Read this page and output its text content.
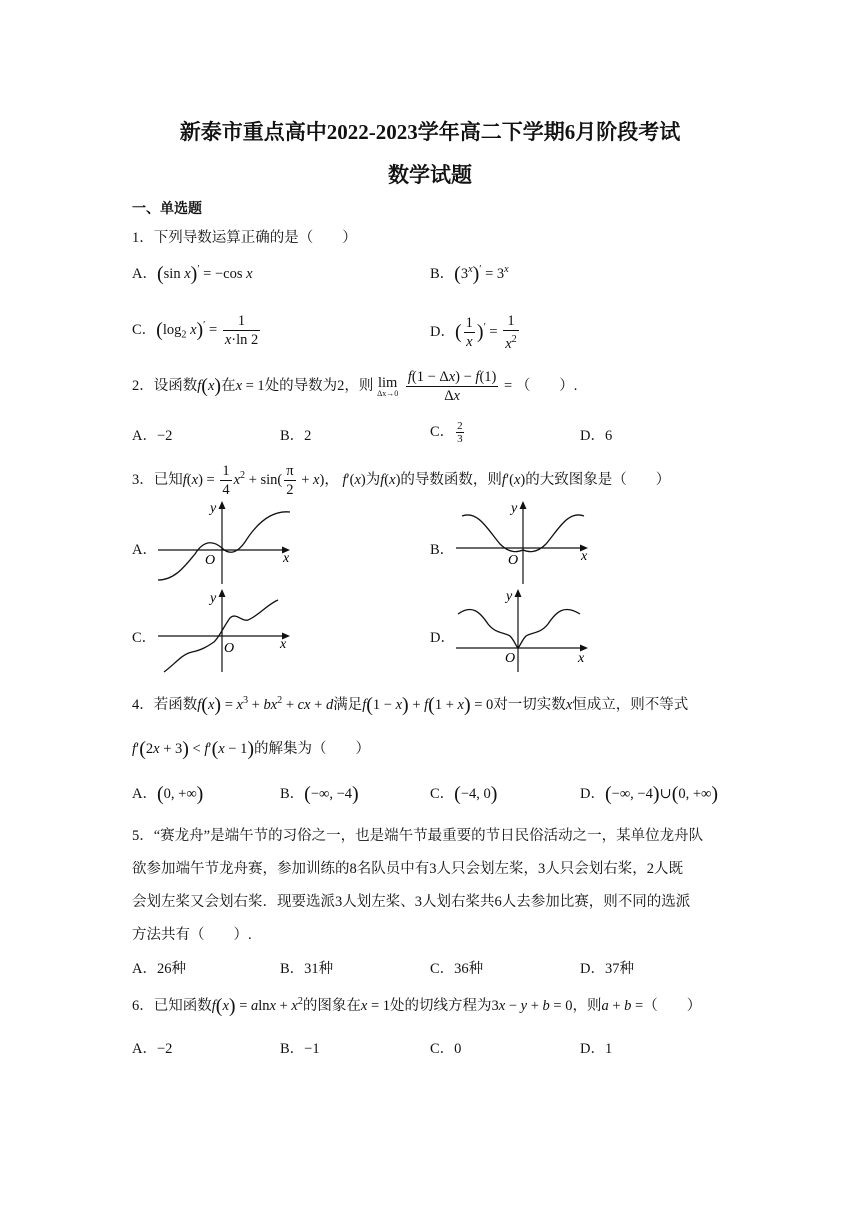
新泰市重点高中2022-2023学年高二下学期6月阶段考试
数学试题
一、单选题
1．下列导数运算正确的是（　　）
A．(sin x)′ = −cos x	B．$(3^x)' = 3^x$
C．($\log_2$ $x)' = \frac{1}{x\cdot\ln 2}$	D．( $\frac{1}{x} )' = \frac{1}{x^2}$
2．设函数f(x)在x = 1处的导数为2，则 lim
Δx→0
$\frac{f(1 - \Delta x) - f(1)}{\Delta x}$ = （　　）.
A．−2	B．2	C． $\frac{2}{3}$	D．6
3．已知$f(x) = \frac{1}{4} x^2 + \sin( \frac{\pi}{2} + x)$， f′(x)为f(x)的导数函数，则f′(x)的大致图象是（　　）
A．
x
y
O
B．	x
y
O
C．	x
y
O
D．
x
y
O
4．若函数$f(x) = x^3 + bx^2$ + cx + d满足f(1 − x) + f(1 + x) = 0对一切实数x恒成立，则不等式
f′(2x + 3) < f′(x − 1)的解集为（　　）
A．(0, +∞)	B．(−∞, −4)	C．(−4, 0)	D．(−∞, −4)∪(0, +∞)
5．“赛龙舟”是端午节的习俗之一，也是端午节最重要的节日民俗活动之一，某单位龙舟队
欲参加端午节龙舟赛，参加训练的8名队员中有3人只会划左桨，3人只会划右桨，2人既
会划左桨又会划右桨．现要选派3人划左桨、3人划右桨共6人去参加比赛，则不同的选派
方法共有（　　）.
A．26种	B．31种	C．36种	D．37种
6．已知函数$f(x) = alnx + x^2$的图象在x = 1处的切线方程为3x − y + b = 0，则a + b =（　　）
A．−2	B．−1	C．0	D．1
